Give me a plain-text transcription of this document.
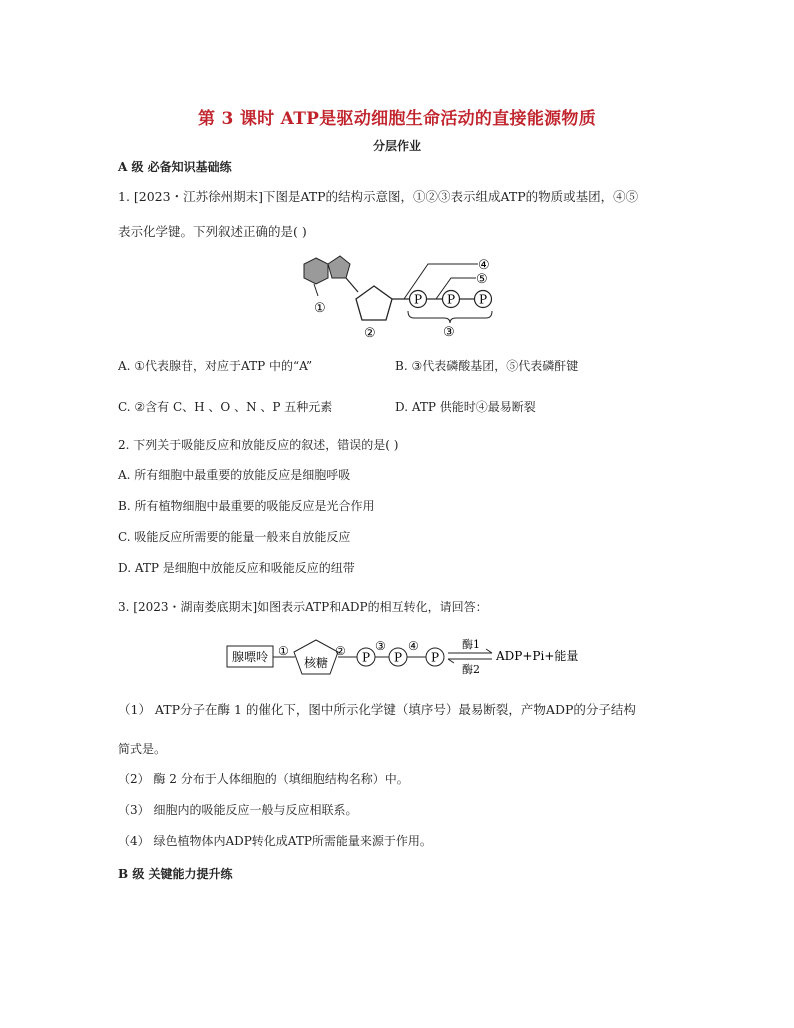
第 3 课时 ATP是驱动细胞生命活动的直接能源物质
分层作业
A 级 必备知识基础练
1. [2023・江苏徐州期末]下图是ATP的结构示意图，①②③表示组成ATP的物质或基团，④⑤
表示化学键。下列叙述正确的是( )
①
②
P P P
④
⑤
③
A. ①代表腺苷，对应于ATP 中的“A”	B. ③代表磷酸基团，⑤代表磷酐键
C. ②含有 C、H 、O 、N 、P 五种元素	D. ATP 供能时④最易断裂
2. 下列关于吸能反应和放能反应的叙述，错误的是( )
A. 所有细胞中最重要的放能反应是细胞呼吸
B. 所有植物细胞中最重要的吸能反应是光合作用
C. 吸能反应所需要的能量一般来自放能反应
D. ATP 是细胞中放能反应和吸能反应的纽带
3. [2023・湖南娄底期末]如图表示ATP和ADP的相互转化，请回答：
腺嘌呤 ①
核糖
② P
③
P
④
P
酶1
酶2
ADP+Pi+能量
（1） ATP分子在酶 1 的催化下，图中所示化学键（填序号）最易断裂，产物ADP的分子结构
简式是。
（2） 酶 2 分布于人体细胞的（填细胞结构名称）中。
（3） 细胞内的吸能反应一般与反应相联系。
（4） 绿色植物体内ADP转化成ATP所需能量来源于作用。
B 级 关键能力提升练
